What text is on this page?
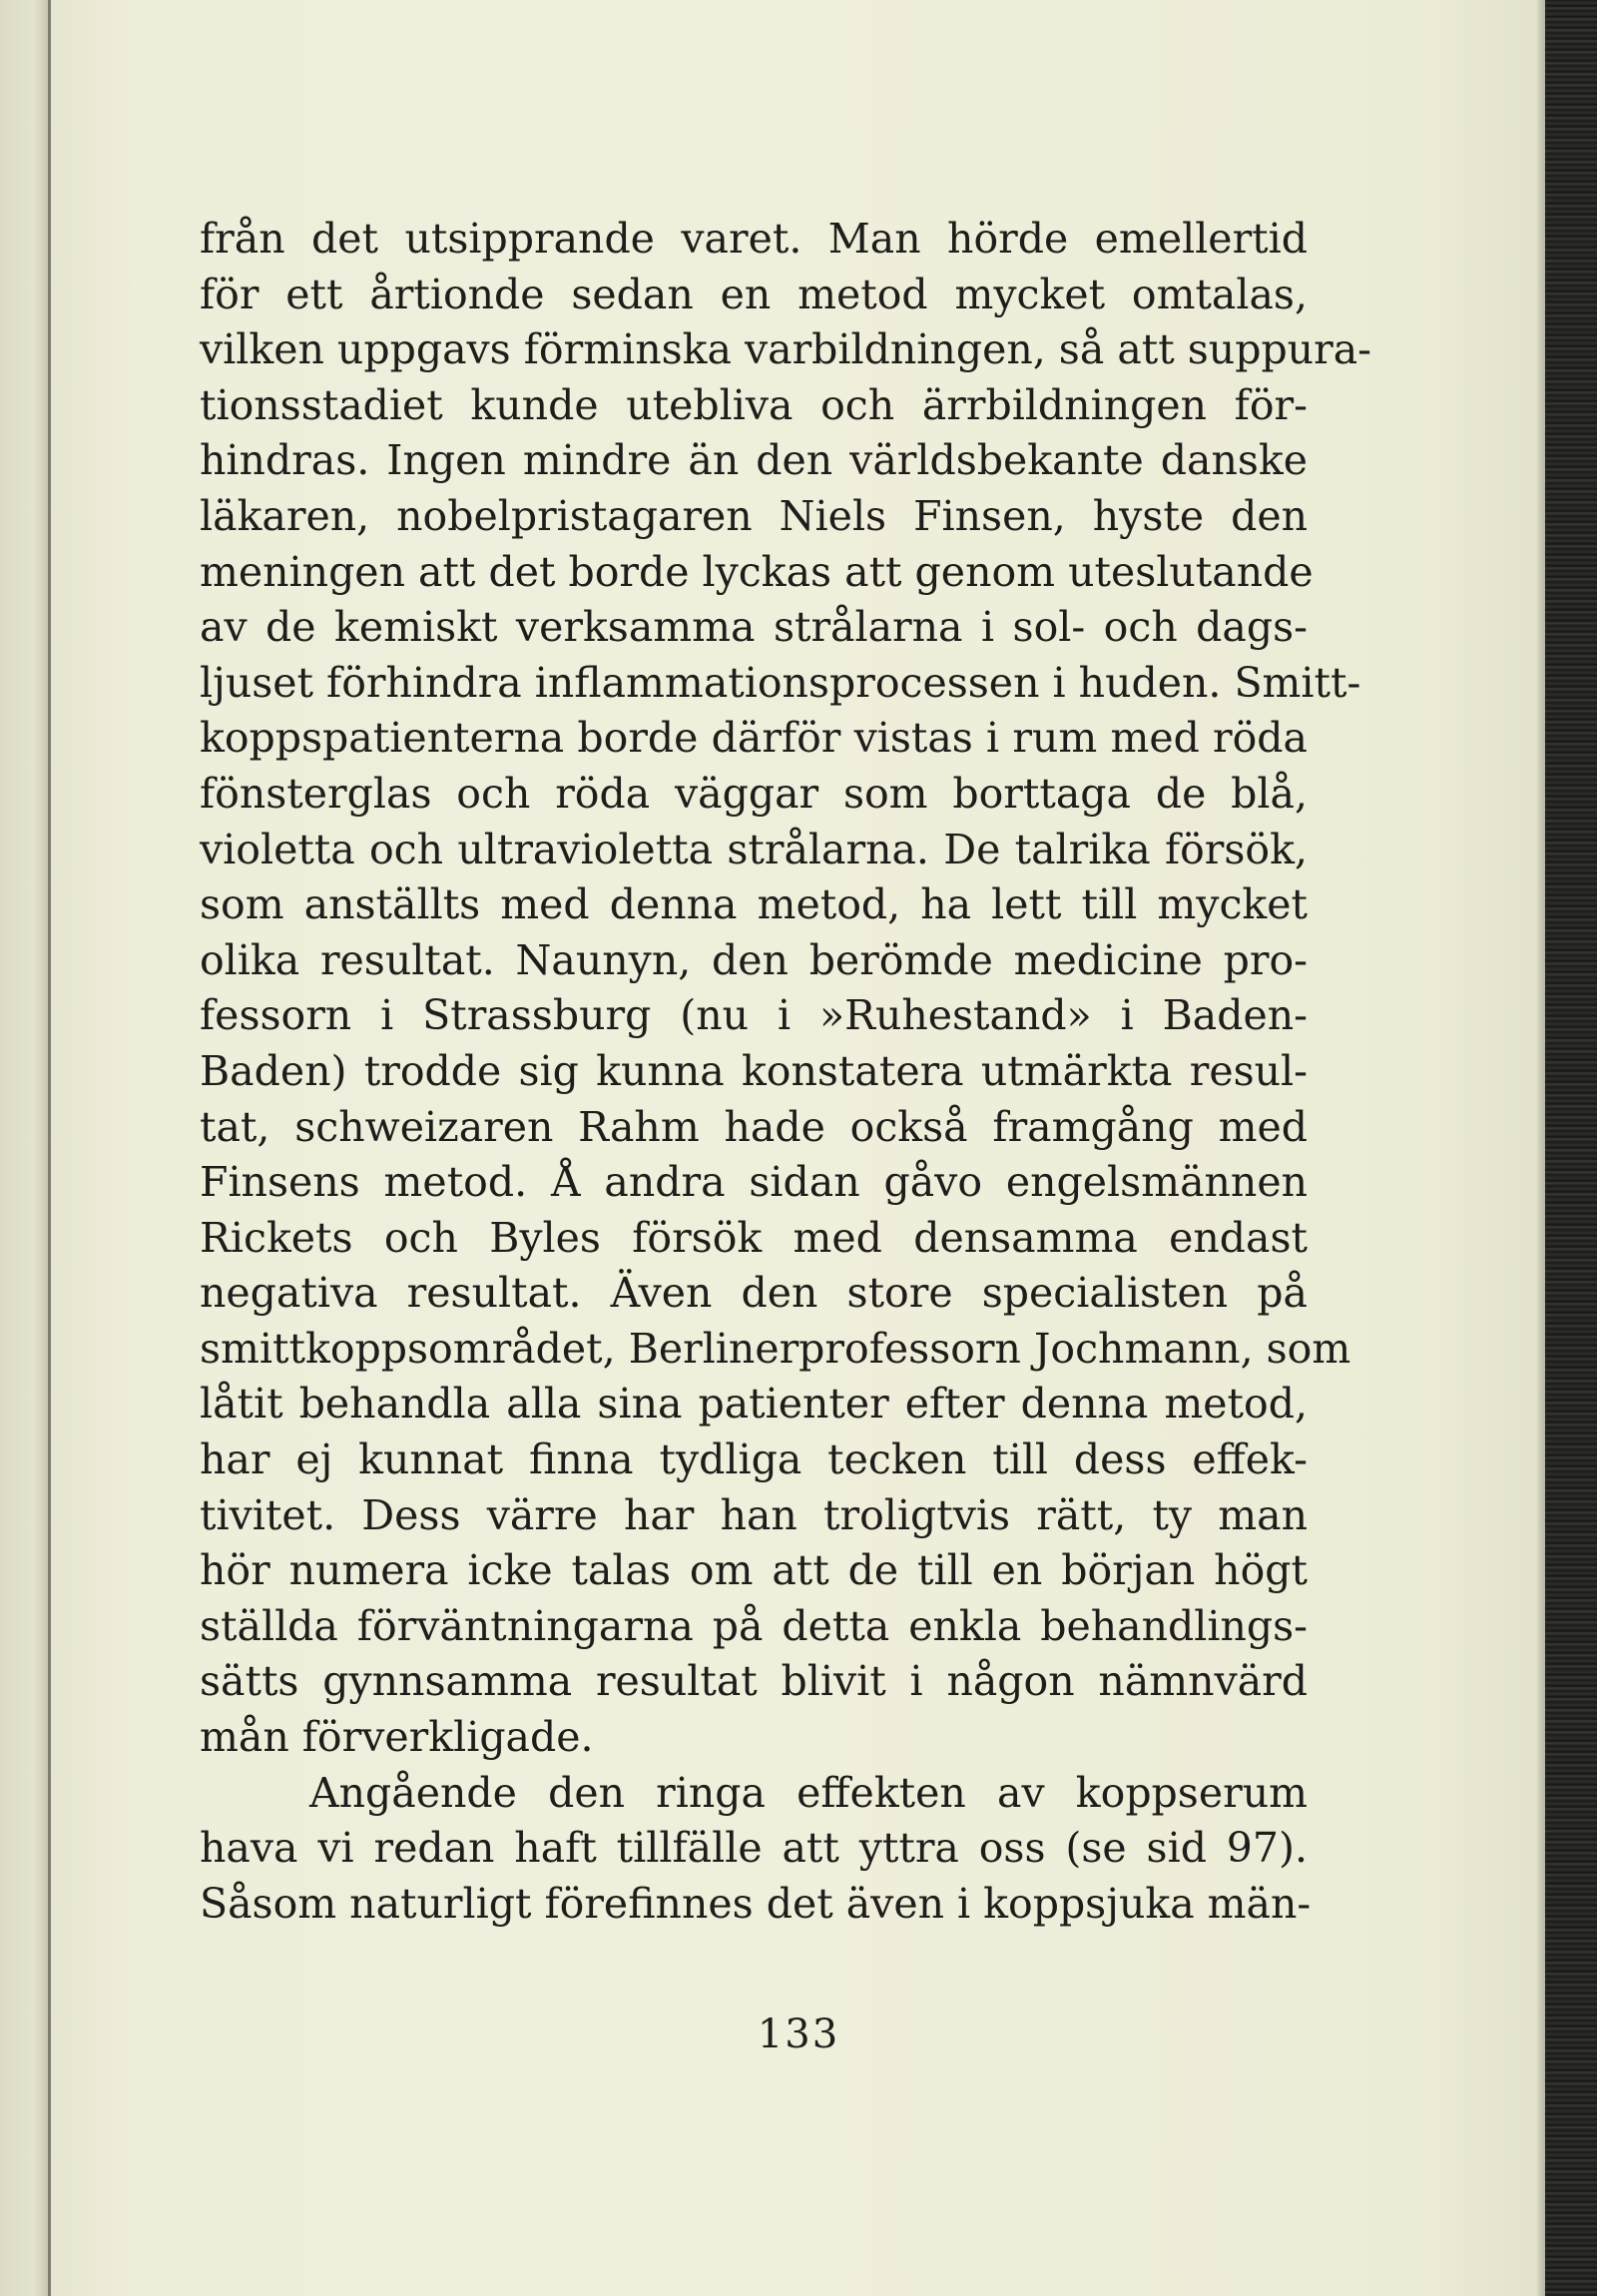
från det utsipprande varet. Man hörde emellertid
för ett årtionde sedan en metod mycket omtalas,
vilken uppgavs förminska varbildningen, så att suppura-
tionsstadiet kunde utebliva och ärrbildningen för-
hindras. Ingen mindre än den världsbekante danske
läkaren, nobelpristagaren Niels Finsen, hyste den
meningen att det borde lyckas att genom uteslutande
av de kemiskt verksamma strålarna i sol- och dags-
ljuset förhindra inflammationsprocessen i huden. Smitt-
koppspatienterna borde därför vistas i rum med röda
fönsterglas och röda väggar som borttaga de blå,
violetta och ultravioletta strålarna. De talrika försök,
som anställts med denna metod, ha lett till mycket
olika resultat. Naunyn, den berömde medicine pro-
fessorn i Strassburg (nu i »Ruhestand» i Baden-
Baden) trodde sig kunna konstatera utmärkta resul-
tat, schweizaren Rahm hade också framgång med
Finsens metod. Å andra sidan gåvo engelsmännen
Rickets och Byles försök med densamma endast
negativa resultat. Även den store specialisten på
smittkoppsområdet, Berlinerprofessorn Jochmann, som
låtit behandla alla sina patienter efter denna metod,
har ej kunnat finna tydliga tecken till dess effek-
tivitet. Dess värre har han troligtvis rätt, ty man
hör numera icke talas om att de till en början högt
ställda förväntningarna på detta enkla behandlings-
sätts gynnsamma resultat blivit i någon nämnvärd
mån förverkligade.
Angående den ringa effekten av koppserum
hava vi redan haft tillfälle att yttra oss (se sid 97).
Såsom naturligt förefinnes det även i koppsjuka män-
133
